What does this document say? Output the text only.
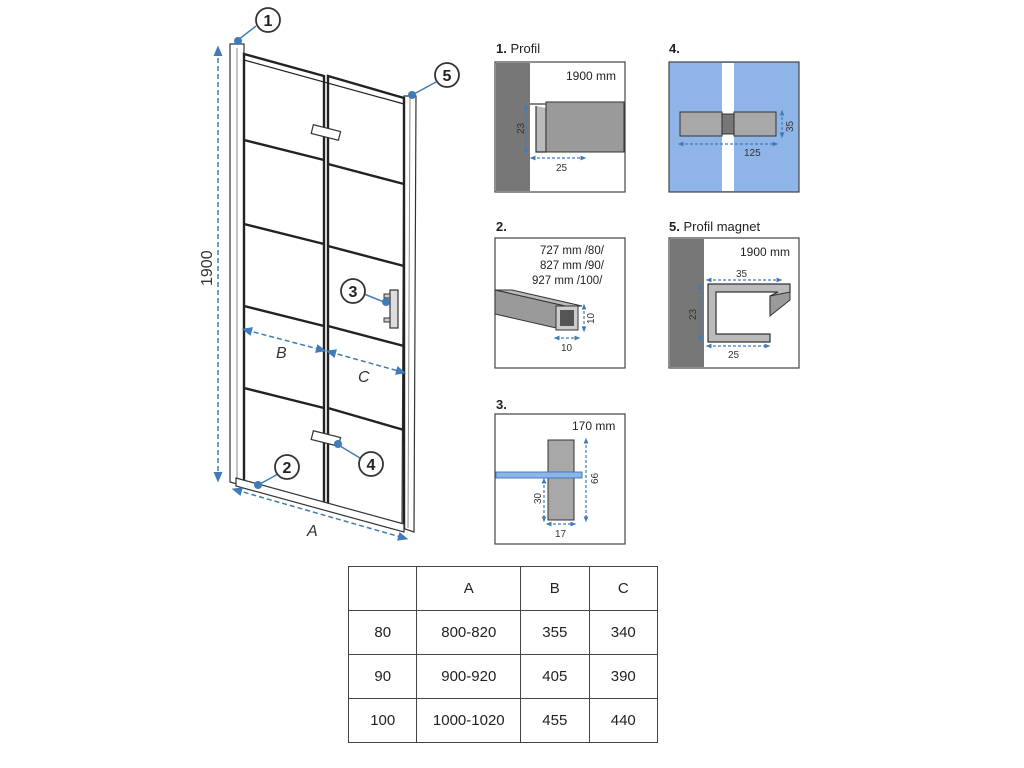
1900
A
B
C
1
5
3
4
2
1. Profil
1900 mm
23
25
4.
125
35
2.
727 mm /80/
827 mm /90/
927 mm /100/
10
10
5. Profil magnet
1900 mm
35
23
25
3.
170 mm
66
30
17
	A	B	C
80	800-820	355	340
90	900-920	405	390
100	1000-1020	455	440
